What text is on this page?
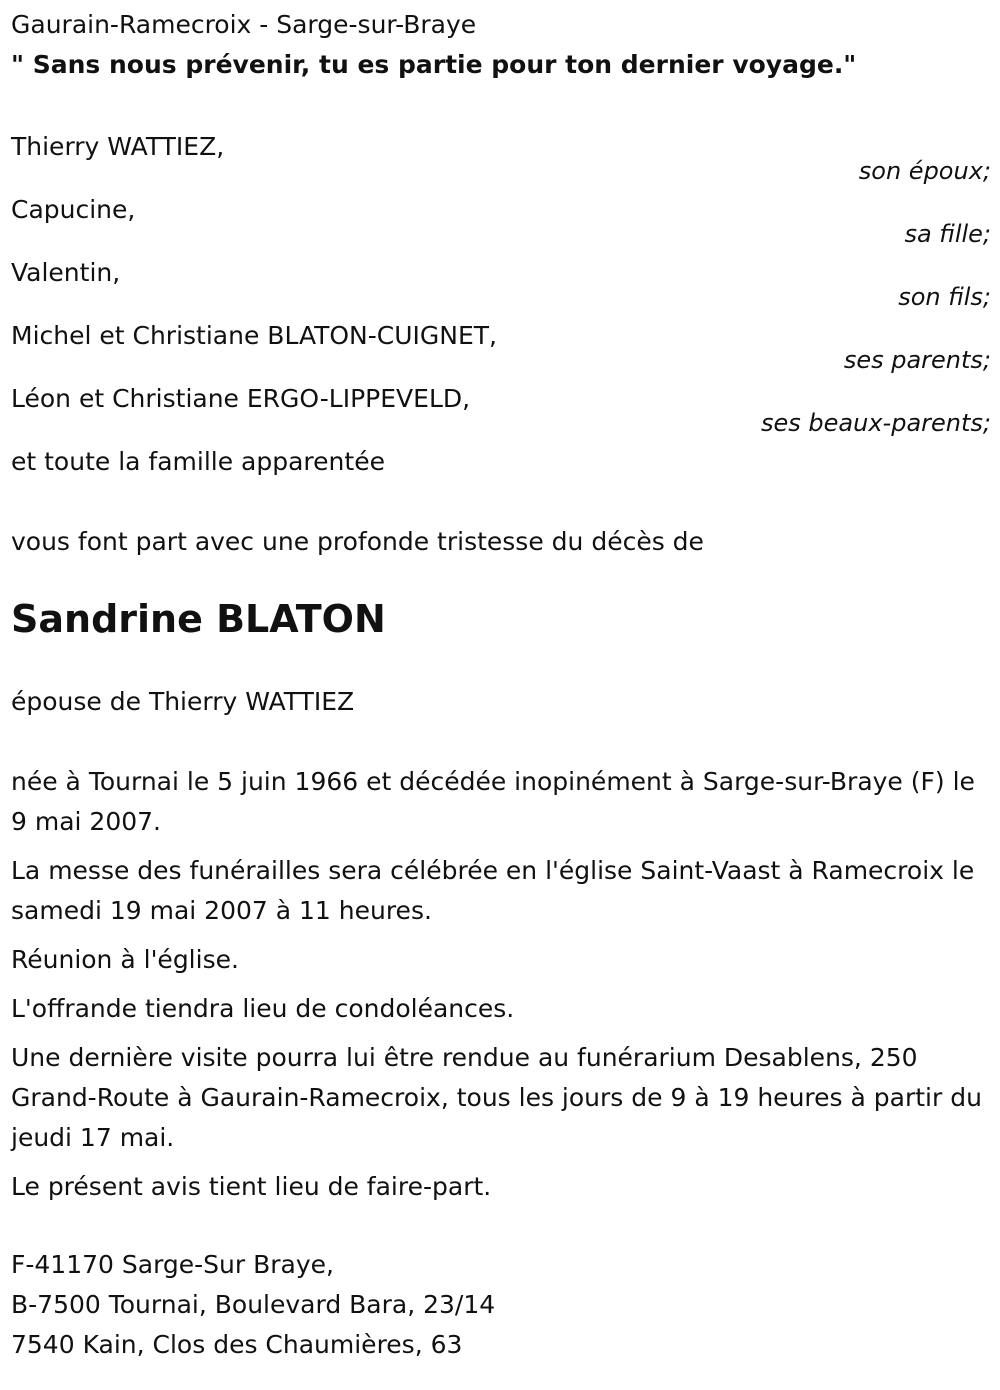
Gaurain-Ramecroix - Sarge-sur-Braye

" Sans nous prévenir, tu es partie pour ton dernier voyage."

Thierry WATTIEZ,
son époux;
Capucine,
sa fille;
Valentin,
son fils;
Michel et Christiane BLATON-CUIGNET,
ses parents;
Léon et Christiane ERGO-LIPPEVELD,
ses beaux-parents;

et toute la famille apparentée

vous font part avec une profonde tristesse du décès de

Sandrine BLATON

épouse de Thierry WATTIEZ

née à Tournai le 5 juin 1966 et décédée inopinément à Sarge-sur-Braye (F) le 9 mai 2007.

La messe des funérailles sera célébrée en l'église Saint-Vaast à Ramecroix le samedi 19 mai 2007 à 11 heures.

Réunion à l'église.

L'offrande tiendra lieu de condoléances.

Une dernière visite pourra lui être rendue au funérarium Desablens, 250 Grand-Route à Gaurain-Ramecroix, tous les jours de 9 à 19 heures à partir du jeudi 17 mai.

Le présent avis tient lieu de faire-part.

F-41170 Sarge-Sur Braye,

B-7500 Tournai, Boulevard Bara, 23/14

7540 Kain, Clos des Chaumières, 63
